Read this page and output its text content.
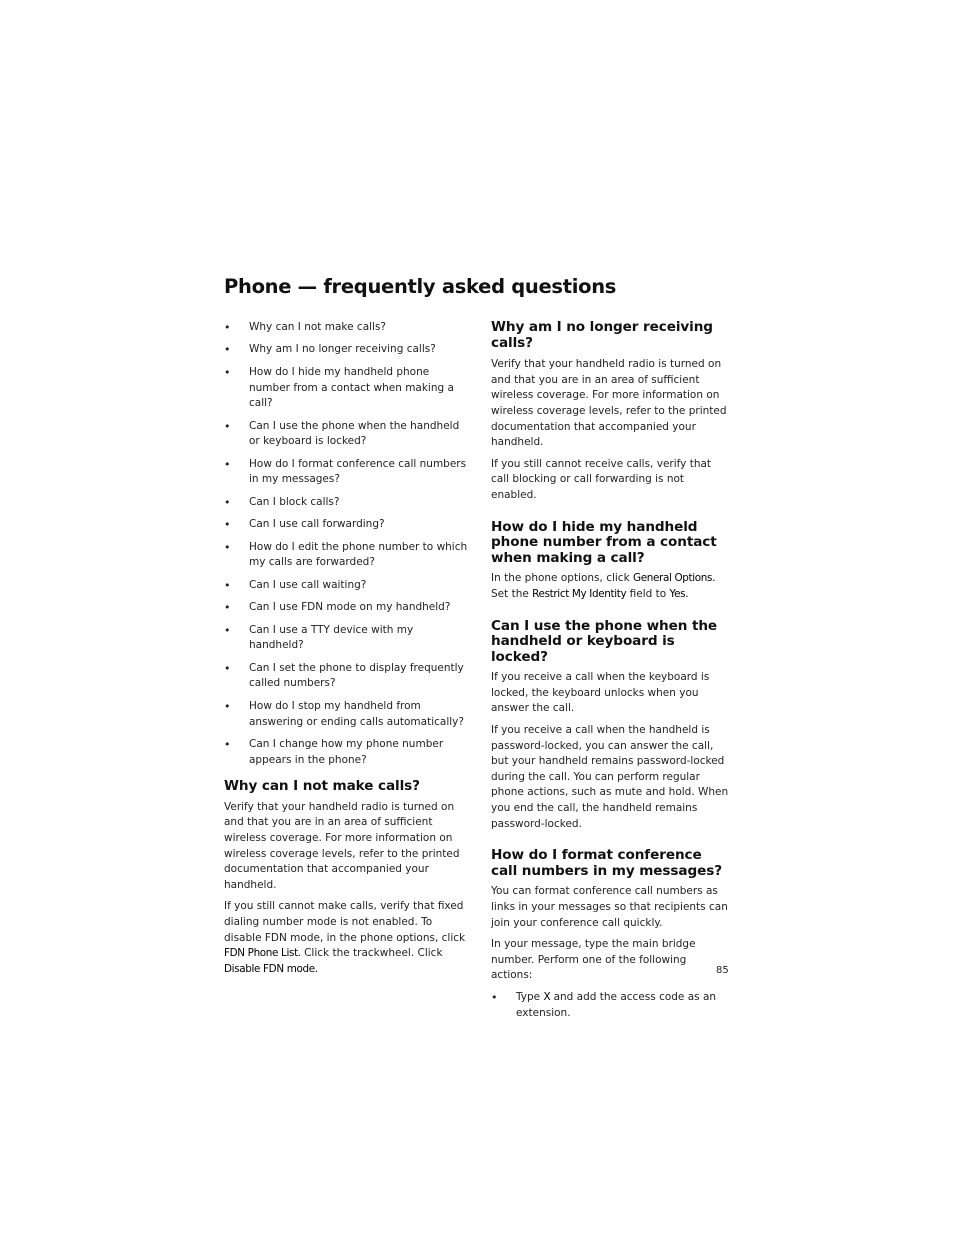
Phone — frequently asked questions
• Why can I not make calls?
• Why am I no longer receiving calls?
• How do I hide my handheld phone number from a contact when making a call?
• Can I use the phone when the handheld or keyboard is locked?
• How do I format conference call numbers in my messages?
• Can I block calls?
• Can I use call forwarding?
• How do I edit the phone number to which my calls are forwarded?
• Can I use call waiting?
• Can I use FDN mode on my handheld?
• Can I use a TTY device with my handheld?
• Can I set the phone to display frequently called numbers?
• How do I stop my handheld from answering or ending calls automatically?
• Can I change how my phone number appears in the phone?
Why can I not make calls?

Verify that your handheld radio is turned on and that you are in an area of sufficient wireless coverage. For more information on wireless coverage levels, refer to the printed documentation that accompanied your handheld.

If you still cannot make calls, verify that fixed dialing number mode is not enabled. To disable FDN mode, in the phone options, click FDN Phone List. Click the trackwheel. Click Disable FDN mode.

Why am I no longer receiving calls?

Verify that your handheld radio is turned on and that you are in an area of sufficient wireless coverage. For more information on wireless coverage levels, refer to the printed documentation that accompanied your handheld.

If you still cannot receive calls, verify that call blocking or call forwarding is not enabled.

How do I hide my handheld phone number from a contact when making a call?

In the phone options, click General Options. Set the Restrict My Identity field to Yes.

Can I use the phone when the handheld or keyboard is locked?

If you receive a call when the keyboard is locked, the keyboard unlocks when you answer the call.

If you receive a call when the handheld is password-locked, you can answer the call, but your handheld remains password-locked during the call. You can perform regular phone actions, such as mute and hold. When you end the call, the handheld remains password-locked.

How do I format conference call numbers in my messages?

You can format conference call numbers as links in your messages so that recipients can join your conference call quickly.

In your message, type the main bridge number. Perform one of the following actions:

• Type X and add the access code as an extension.
85
